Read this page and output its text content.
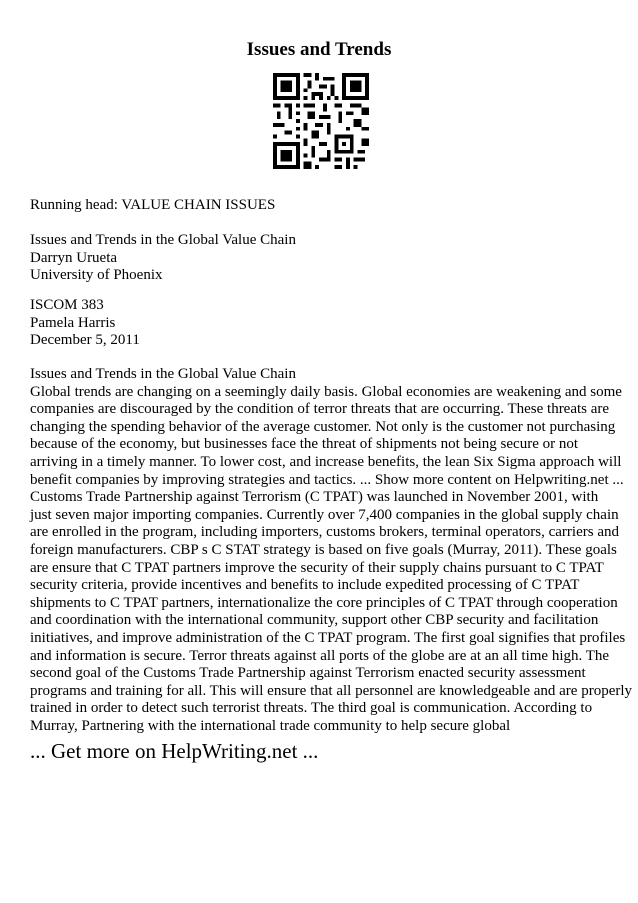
Issues and Trends
Running head: VALUE CHAIN ISSUES
Issues and Trends in the Global Value Chain
Darryn Urueta
University of Phoenix
ISCOM 383
Pamela Harris
December 5, 2011
Issues and Trends in the Global Value Chain
Global trends are changing on a seemingly daily basis. Global economies are weakening and some
companies are discouraged by the condition of terror threats that are occurring. These threats are
changing the spending behavior of the average customer. Not only is the customer not purchasing
because of the economy, but businesses face the threat of shipments not being secure or not
arriving in a timely manner. To lower cost, and increase benefits, the lean Six Sigma approach will
benefit companies by improving strategies and tactics. ... Show more content on Helpwriting.net ...
Customs Trade Partnership against Terrorism (C TPAT) was launched in November 2001, with
just seven major importing companies. Currently over 7,400 companies in the global supply chain
are enrolled in the program, including importers, customs brokers, terminal operators, carriers and
foreign manufacturers. CBP s C STAT strategy is based on five goals (Murray, 2011). These goals
are ensure that C TPAT partners improve the security of their supply chains pursuant to C TPAT
security criteria, provide incentives and benefits to include expedited processing of C TPAT
shipments to C TPAT partners, internationalize the core principles of C TPAT through cooperation
and coordination with the international community, support other CBP security and facilitation
initiatives, and improve administration of the C TPAT program. The first goal signifies that profiles
and information is secure. Terror threats against all ports of the globe are at an all time high. The
second goal of the Customs Trade Partnership against Terrorism enacted security assessment
programs and training for all. This will ensure that all personnel are knowledgeable and are properly
trained in order to detect such terrorist threats. The third goal is communication. According to
Murray, Partnering with the international trade community to help secure global
... Get more on HelpWriting.net ...
